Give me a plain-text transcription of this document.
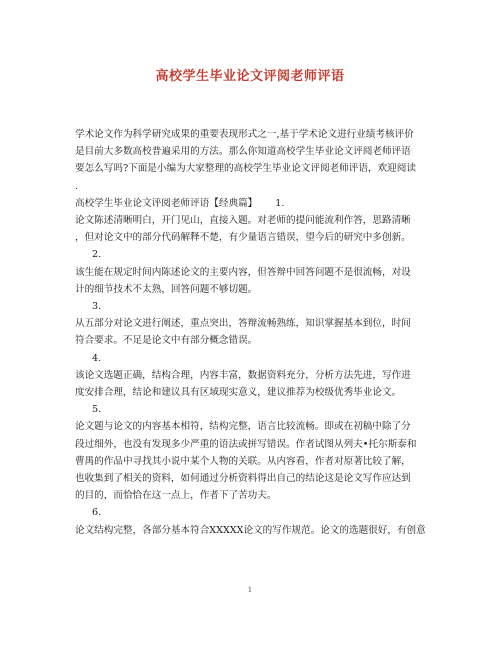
高校学生毕业论文评阅老师评语

学术论文作为科学研究成果的重要表现形式之一,基于学术论文进行业绩考核评价

是目前大多数高校普遍采用的方法。那么你知道高校学生毕业论文评阅老师评语

要怎么写吗?下面是小编为大家整理的高校学生毕业论文评阅老师评语，欢迎阅读

.

高校学生毕业论文评阅老师评语【经典篇】 1.

论文陈述清晰明白，开门见山，直接入题。对老师的提问能流利作答，思路清晰

，但对论文中的部分代码解释不楚，有少量语言错误，望今后的研究中多创新。

2.

该生能在规定时间内陈述论文的主要内容，但答辩中回答问题不是很流畅，对设

计的细节技术不太熟，回答问题不够切题。

3.

从五部分对论文进行阐述，重点突出，答辩流畅熟练，知识掌握基本到位，时间

符合要求。不足是论文中有部分概念错误。

4.

该论文选题正确，结构合理，内容丰富，数据资料充分，分析方法先进，写作进

度安排合理，结论和建议具有区域现实意义，建议推荐为校级优秀毕业论文。

5.

论文题与论文的内容基本相符，结构完整，语言比较流畅。即或在初稿中除了分

段过细外，也没有发现多少严重的语法或拼写错误。作者试图从列夫•托尔斯泰和

曹禺的作品中寻找其小说中某个人物的关联。从内容看，作者对原著比较了解，

也收集到了相关的资料，如何通过分析资料得出自己的结论这是论文写作应达到

的目的，而恰恰在这一点上，作者下了苦功夫。

6.

论文结构完整，各部分基本符合XXXXX论文的写作规范。论文的选题很好，有创意

1
